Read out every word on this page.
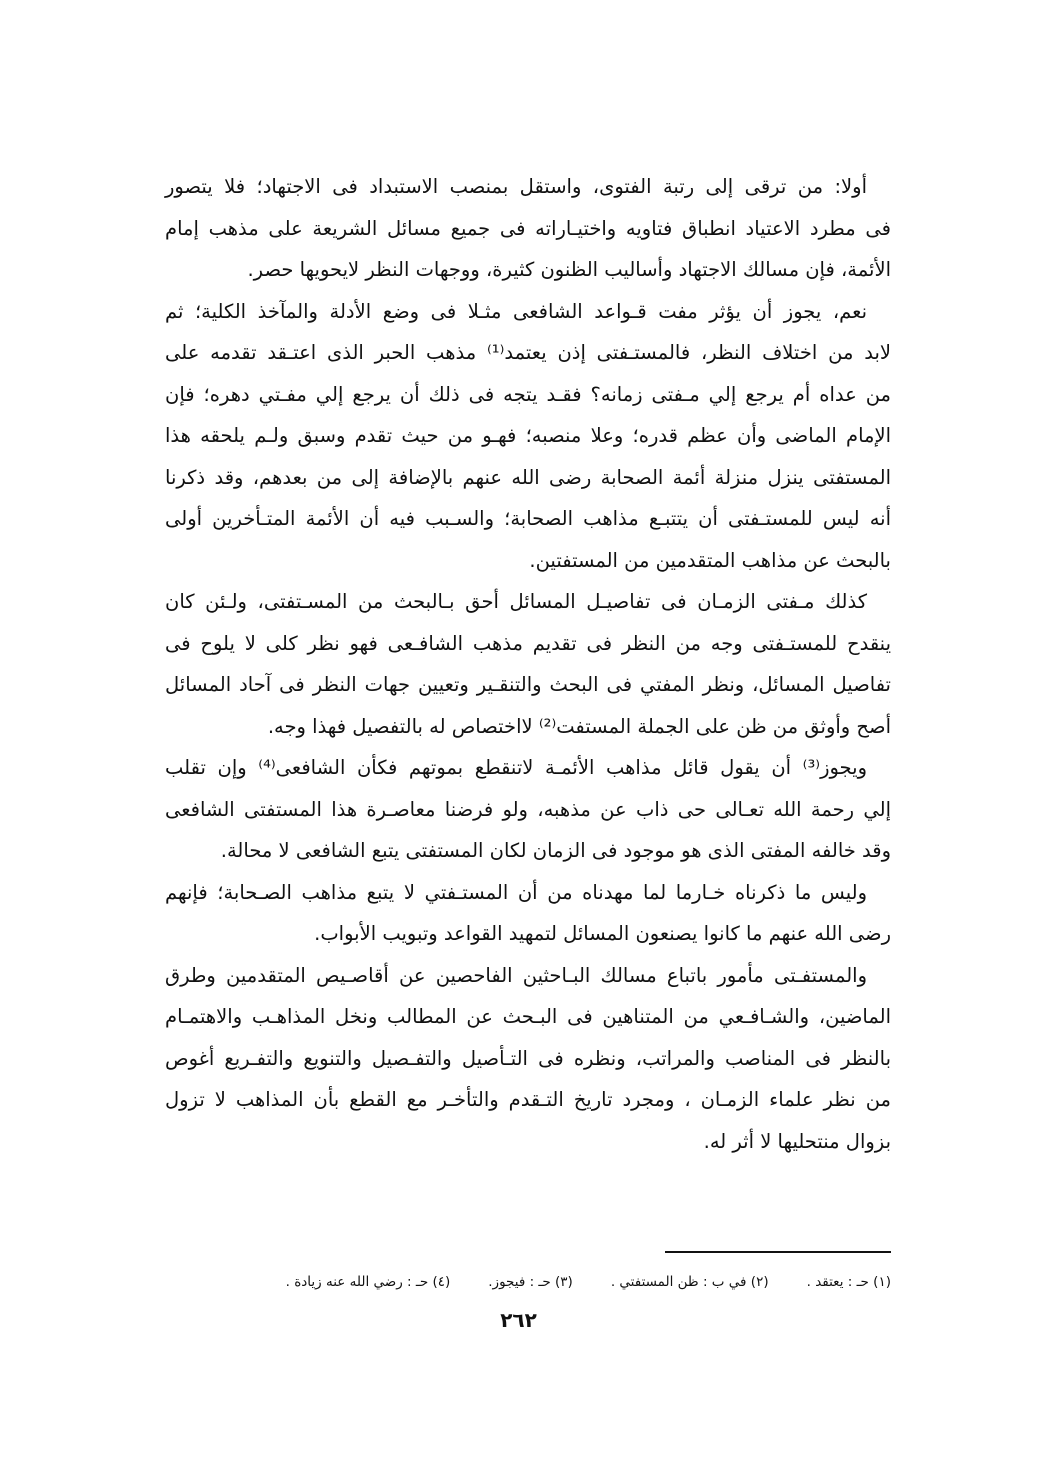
أولا: من ترقى إلى رتبة الفتوى، واستقل بمنصب الاستبداد فى الاجتهاد؛ فلا يتصور
فى مطرد الاعتياد انطباق فتاويه واختيـاراته فى جميع مسائل الشريعة على مذهب إمام
الأئمة، فإن مسالك الاجتهاد وأساليب الظنون كثيرة، ووجهات النظر لايحويها حصر.
نعم، يجوز أن يؤثر مفت قـواعد الشافعى مثـلا فى وضع الأدلة والمآخذ الكلية؛ ثم
لابد من اختلاف النظر، فالمستـفتى إذن يعتمد⁽¹⁾ مذهب الحبر الذى اعتـقد تقدمه على
من عداه أم يرجع إلي مـفتى زمانه؟ فقـد يتجه فى ذلك أن يرجع إلي مفـتي دهره؛ فإن
الإمام الماضى وأن عظم قدره؛ وعلا منصبه؛ فهـو من حيث تقدم وسبق ولـم يلحقه هذا
المستفتى ينزل منزلة أئمة الصحابة رضى الله عنهم بالإضافة إلى من بعدهم، وقد ذكرنا
أنه ليس للمستـفتى أن يتتبـع مذاهب الصحابة؛ والسـبب فيه أن الأئمة المتـأخرين أولى
بالبحث عن مذاهب المتقدمين من المستفتين.
كذلك مـفتى الزمـان فى تفاصيـل المسائل أحق بـالبحث من المسـتفتى، ولـئن كان
ينقدح للمستـفتى وجه من النظر فى تقديم مذهب الشافـعى فهو نظر كلى لا يلوح فى
تفاصيل المسائل، ونظر المفتي فى البحث والتنقـير وتعيين جهات النظر فى آحاد المسائل
أصح وأوثق من ظن على الجملة المستفت⁽²⁾ لااختصاص له بالتفصيل فهذا وجه.
ويجوز⁽³⁾ أن يقول قائل مذاهب الأئمـة لاتنقطع بموتهم فكأن الشافعى⁽⁴⁾ وإن تقلب
إلي رحمة الله تعـالى حى ذاب عن مذهبه، ولو فرضنا معاصـرة هذا المستفتى الشافعى
وقد خالفه المفتى الذى هو موجود فى الزمان لكان المستفتى يتبع الشافعى لا محالة.
وليس ما ذكرناه خـارما لما مهدناه من أن المستـفتي لا يتبع مذاهب الصـحابة؛ فإنهم
رضى الله عنهم ما كانوا يصنعون المسائل لتمهيد القواعد وتبويب الأبواب.
والمستفـتى مأمور باتباع مسالك البـاحثين الفاحصين عن أقاصـيص المتقدمين وطرق
الماضين، والشـافـعي من المتناهين فى البـحث عن المطالب ونخل المذاهـب والاهتمـام
بالنظر فى المناصب والمراتب، ونظره فى التـأصيل والتفـصيل والتنويع والتفـريع أغوص
من نظر علماء الزمـان ، ومجرد تاريخ التـقدم والتأخـر مع القطع بأن المذاهب لا تزول
بزوال منتحليها لا أثر له.
(١) حـ : يعتقد .
(٢) في ب : ظن المستفتي .
(٣) حـ : فيجوز.
(٤) حـ : رضي الله عنه زيادة .
٢٦٢
